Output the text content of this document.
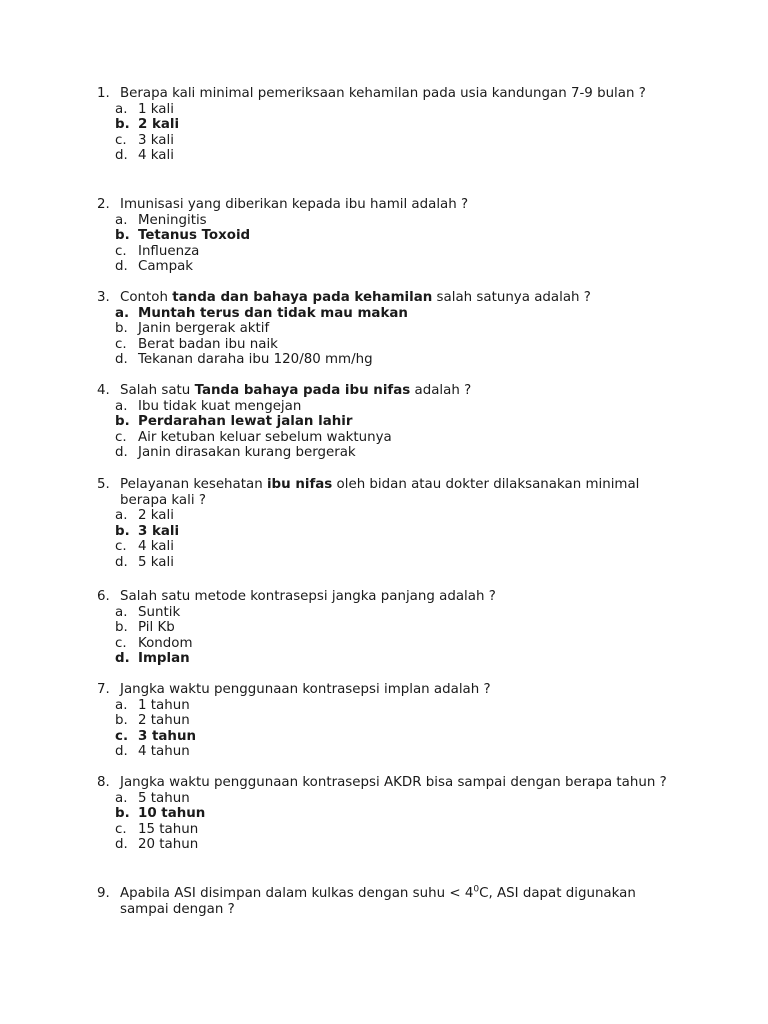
1. Berapa kali minimal pemeriksaan kehamilan pada usia kandungan 7-9 bulan ?
a. 1 kali
b. 2 kali
c. 3 kali
d. 4 kali
2. Imunisasi yang diberikan kepada ibu hamil adalah ?
a. Meningitis
b. Tetanus Toxoid
c. Influenza
d. Campak
3. Contoh tanda dan bahaya pada kehamilan salah satunya adalah ?
a. Muntah terus dan tidak mau makan
b. Janin bergerak aktif
c. Berat badan ibu naik
d. Tekanan daraha ibu 120/80 mm/hg
4. Salah satu Tanda bahaya pada ibu nifas adalah ?
a. Ibu tidak kuat mengejan
b. Perdarahan lewat jalan lahir
c. Air ketuban keluar sebelum waktunya
d. Janin dirasakan kurang bergerak
5. Pelayanan kesehatan ibu nifas oleh bidan atau dokter dilaksanakan minimal berapa kali ?
a. 2 kali
b. 3 kali
c. 4 kali
d. 5 kali
6. Salah satu metode kontrasepsi jangka panjang adalah ?
a. Suntik
b. Pil Kb
c. Kondom
d. Implan
7. Jangka waktu penggunaan kontrasepsi implan adalah ?
a. 1 tahun
b. 2 tahun
c. 3 tahun
d. 4 tahun
8. Jangka waktu penggunaan kontrasepsi AKDR bisa sampai dengan berapa tahun ?
a. 5 tahun
b. 10 tahun
c. 15 tahun
d. 20 tahun
9. Apabila ASI disimpan dalam kulkas dengan suhu < $4^0C$, ASI dapat digunakan sampai dengan ?
